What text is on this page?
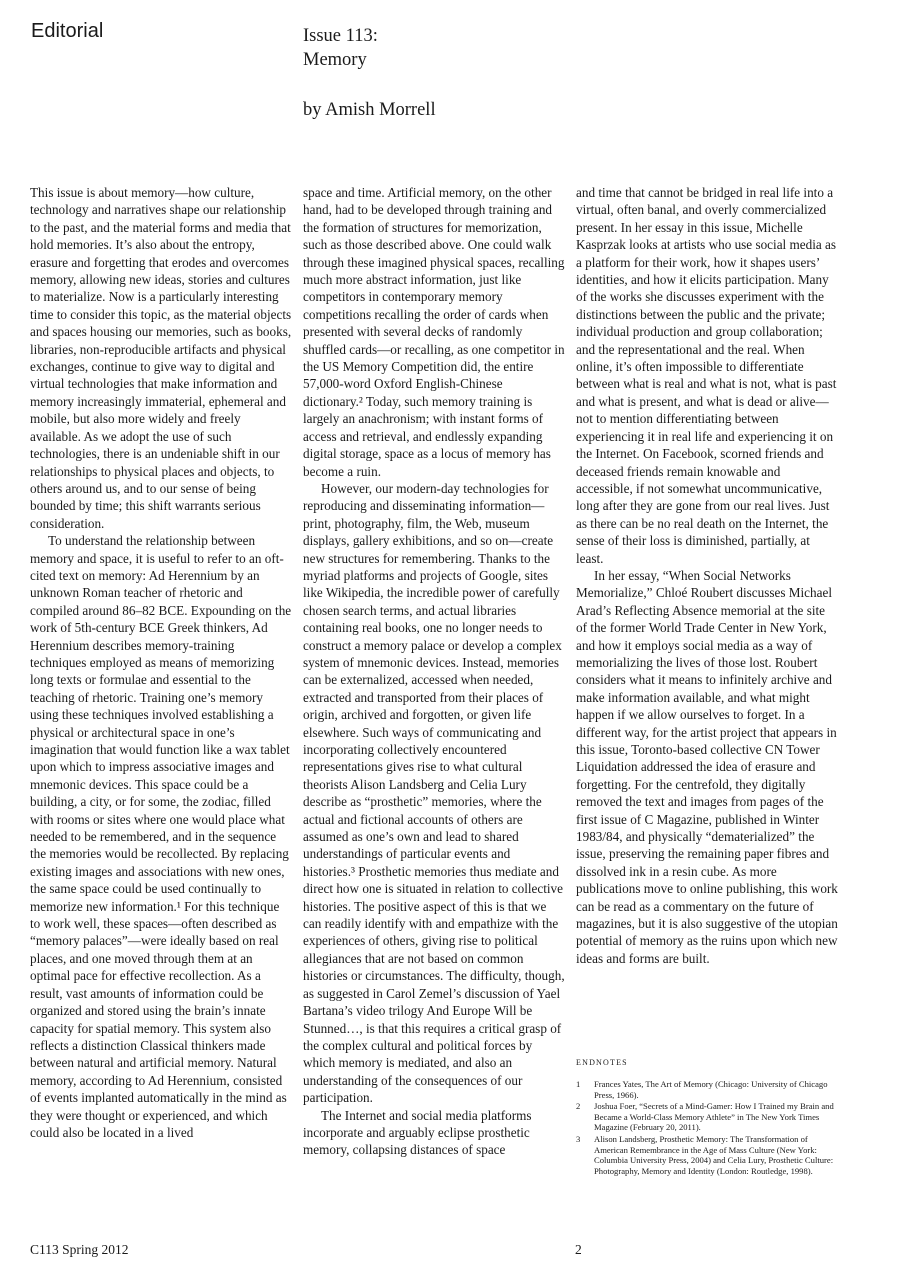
Editorial	Issue 113:
Memory
by Amish Morrell

This issue is about memory—how culture, technology and narratives shape our relationship to the past, and the material forms and media that hold memories. It’s also about the entropy, erasure and forgetting that erodes and overcomes memory, allowing new ideas, stories and cultures to materialize. Now is a particularly interesting time to consider this topic, as the material objects and spaces housing our memories, such as books, libraries, non-reproducible artifacts and physical exchanges, continue to give way to digital and virtual technologies that make information and memory increasingly immaterial, ephemeral and mobile, but also more widely and freely available. As we adopt the use of such technologies, there is an undeniable shift in our relationships to physical places and objects, to others around us, and to our sense of being bounded by time; this shift warrants serious consideration.

To understand the relationship between memory and space, it is useful to refer to an oft-cited text on memory: Ad Herennium by an unknown Roman teacher of rhetoric and compiled around 86–82 BCE. Expounding on the work of 5th-century BCE Greek thinkers, Ad Herennium describes memory-training techniques employed as means of memorizing long texts or formulae and essential to the teaching of rhetoric. Training one’s memory using these techniques involved establishing a physical or architectural space in one’s imagination that would function like a wax tablet upon which to impress associative images and mnemonic devices. This space could be a building, a city, or for some, the zodiac, filled with rooms or sites where one would place what needed to be remembered, and in the sequence the memories would be recollected. By replacing existing images and associations with new ones, the same space could be used continually to memorize new information.¹ For this technique to work well, these spaces—often described as “memory palaces”—were ideally based on real places, and one moved through them at an optimal pace for effective recollection. As a result, vast amounts of information could be organized and stored using the brain’s innate capacity for spatial memory. This system also reflects a distinction Classical thinkers made between natural and artificial memory. Natural memory, according to Ad Herennium, consisted of events implanted automatically in the mind as they were thought or experienced, and which could also be located in a lived

space and time. Artificial memory, on the other hand, had to be developed through training and the formation of structures for memorization, such as those described above. One could walk through these imagined physical spaces, recalling much more abstract information, just like competitors in contemporary memory competitions recalling the order of cards when presented with several decks of randomly shuffled cards—or recalling, as one competitor in the US Memory Competition did, the entire 57,000-word Oxford English-Chinese dictionary.² Today, such memory training is largely an anachronism; with instant forms of access and retrieval, and endlessly expanding digital storage, space as a locus of memory has become a ruin.

However, our modern-day technologies for reproducing and disseminating information—print, photography, film, the Web, museum displays, gallery exhibitions, and so on—create new structures for remembering. Thanks to the myriad platforms and projects of Google, sites like Wikipedia, the incredible power of carefully chosen search terms, and actual libraries containing real books, one no longer needs to construct a memory palace or develop a complex system of mnemonic devices. Instead, memories can be externalized, accessed when needed, extracted and transported from their places of origin, archived and forgotten, or given life elsewhere. Such ways of communicating and incorporating collectively encountered representations gives rise to what cultural theorists Alison Landsberg and Celia Lury describe as “prosthetic” memories, where the actual and fictional accounts of others are assumed as one’s own and lead to shared understandings of particular events and histories.³ Prosthetic memories thus mediate and direct how one is situated in relation to collective histories. The positive aspect of this is that we can readily identify with and empathize with the experiences of others, giving rise to political allegiances that are not based on common histories or circumstances. The difficulty, though, as suggested in Carol Zemel’s discussion of Yael Bartana’s video trilogy And Europe Will be Stunned…, is that this requires a critical grasp of the complex cultural and political forces by which memory is mediated, and also an understanding of the consequences of our participation.

The Internet and social media platforms incorporate and arguably eclipse prosthetic memory, collapsing distances of space

and time that cannot be bridged in real life into a virtual, often banal, and overly commercialized present. In her essay in this issue, Michelle Kasprzak looks at artists who use social media as a platform for their work, how it shapes users’ identities, and how it elicits participation. Many of the works she discusses experiment with the distinctions between the public and the private; individual production and group collaboration; and the representational and the real. When online, it’s often impossible to differentiate between what is real and what is not, what is past and what is present, and what is dead or alive—not to mention differentiating between experiencing it in real life and experiencing it on the Internet. On Facebook, scorned friends and deceased friends remain knowable and accessible, if not somewhat uncommunicative, long after they are gone from our real lives. Just as there can be no real death on the Internet, the sense of their loss is diminished, partially, at least.

In her essay, “When Social Networks Memorialize,” Chloé Roubert discusses Michael Arad’s Reflecting Absence memorial at the site of the former World Trade Center in New York, and how it employs social media as a way of memorializing the lives of those lost. Roubert considers what it means to infinitely archive and make information available, and what might happen if we allow ourselves to forget. In a different way, for the artist project that appears in this issue, Toronto-based collective CN Tower Liquidation addressed the idea of erasure and forgetting. For the centrefold, they digitally removed the text and images from pages of the first issue of C Magazine, published in Winter 1983/84, and physically “dematerialized” the issue, preserving the remaining paper fibres and dissolved ink in a resin cube. As more publications move to online publishing, this work can be read as a commentary on the future of magazines, but it is also suggestive of the utopian potential of memory as the ruins upon which new ideas and forms are built.

ENDNOTES
1	Frances Yates, The Art of Memory (Chicago: University of Chicago Press, 1966).
2	Joshua Foer, “Secrets of a Mind-Gamer: How I Trained my Brain and Became a World-Class Memory Athlete” in The New York Times Magazine (February 20, 2011).
3	Alison Landsberg, Prosthetic Memory: The Transformation of American Remembrance in the Age of Mass Culture (New York: Columbia University Press, 2004) and Celia Lury, Prosthetic Culture: Photography, Memory and Identity (London: Routledge, 1998).
C113 Spring 2012	2
